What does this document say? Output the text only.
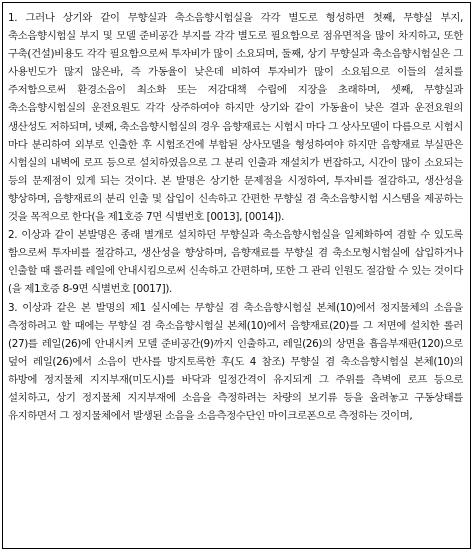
1. 그러나 상기와 같이 무향실과 축소음향시험실을 각각 별도로 형성하면 첫째, 무향실 부지, 축소음향시험실 부지 및 모델 준비공간 부지를 각각 별도로 필요함으로 점유면적을 많이 차지하고, 또한 구축(건설)비용도 각각 필요함으로써 투자비가 많이 소요되며, 둘째, 상기 무향실과 축소음향시험실은 그 사용빈도가 많지 않은바, 즉 가동율이 낮은데 비하여 투자비가 많이 소요됨으로 이들의 설치를 주저함으로써 환경소음이 최소화 또는 저감대책 수립에 지장을 초래하며, 셋째, 무향실과 축소음향시험실의 운전요원도 각각 상주하여야 하지만 상기와 같이 가동율이 낮은 결과 운전요원의 생산성도 저하되며, 넷째, 축소음향시험실의 경우 음향재료는 시험시 마다 그 상사모델이 다름으로 시험시 마다 분리하여 외부로 인출한 후 시험조건에 부합된 상사모델을 형성하여야 하지만 음향재료 부실판은 시험실의 내벽에 로프 등으로 설치하였음으로 그 분리 인출과 재설치가 번잡하고, 시간이 많이 소요되는 등의 문제점이 있게 되는 것이다. 본 발명은 상기한 문제점을 시정하여, 투자비를 절감하고, 생산성을 향상하며, 음향재료의 분리 인출 및 삽입이 신속하고 간편한 무향실 겸 축소음향시험 시스템을 제공하는 것을 목적으로 한다(을 제1호증 7면 식별번호 [0013], [0014]).

2. 이상과 같이 본발명은 종래 별개로 설치하던 무향실과 축소음향시험실을 일체화하여 겸할 수 있도록 함으로써 투자비를 절감하고, 생산성을 향상하며, 음향재료를 무향실 겸 축소모형시험실에 삽입하거나 인출할 때 롤러를 레일에 안내시킴으로써 신속하고 간편하며, 또한 그 관리 인원도 절감할 수 있는 것이다(을 제1호증 8-9면 식별번호 [0017]).

3. 이상과 같은 본 발명의 제1 실시예는 무향실 겸 축소음향시험실 본체(10)에서 정지물체의 소음을 측정하려고 할 때에는 무향실 겸 축소음향시험실 본체(10)에서 음향재료(20)를 그 저면에 설치한 롤러(27)를 레일(26)에 안내시켜 모델 준비공간(9)까지 인출하고, 레일(26)의 상면을 흡음부재판(120)으로 덮어 레일(26)에서 소음이 반사를 방지토록한 후(도 4 참조) 무향실 겸 축소음향시험실 본체(10)의 하방에 정지물체 지지부재(미도시)를 바닥과 일정간격이 유지되게 그 주위를 측벽에 로프 등으로 설치하고, 상기 정지물체 지지부재에 소음을 측정하려는 차량의 보기류 등을 올려놓고 구동상태를 유지하면서 그 정지물체에서 발생된 소음을 소음측정수단인 마이크로폰으로 측정하는 것이며,
